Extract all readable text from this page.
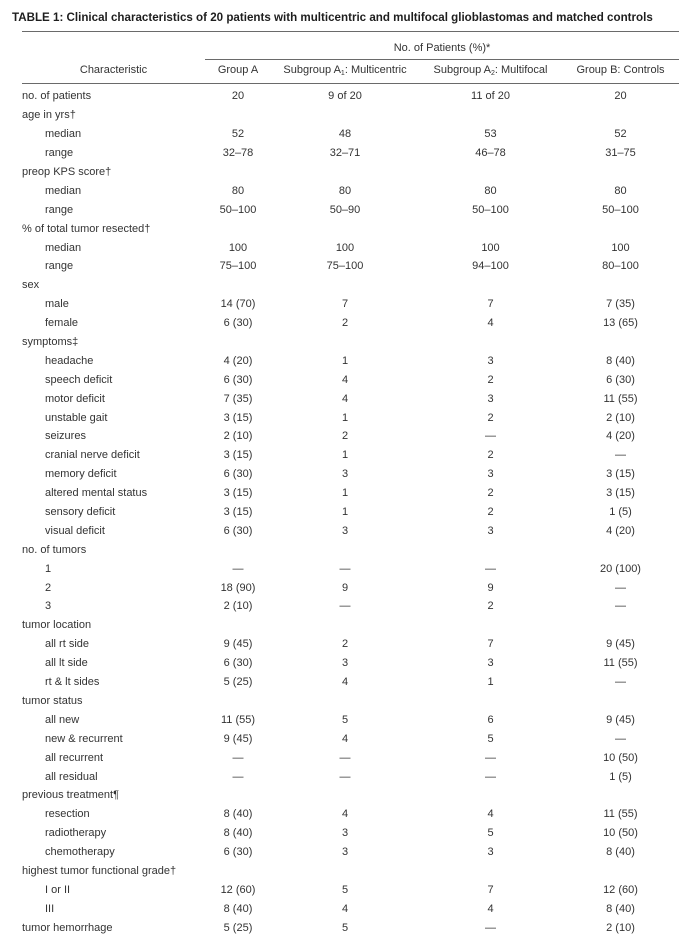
TABLE 1: Clinical characteristics of 20 patients with multicentric and multifocal glioblastomas and matched controls
No. of Patients (%)*
Characteristic	Group A	Subgroup $A_1$: Multicentric	Subgroup $A_2$: Multifocal	Group B: Controls
no. of patients	20	9 of 20	11 of 20	20
age in yrs†				
median	52	48	53	52
range	32–78	32–71	46–78	31–75
preop KPS score†				
median	80	80	80	80
range	50–100	50–90	50–100	50–100
% of total tumor resected†				
median	100	100	100	100
range	75–100	75–100	94–100	80–100
sex				
male	14 (70)	7	7	7 (35)
female	6 (30)	2	4	13 (65)
symptoms‡				
headache	4 (20)	1	3	8 (40)
speech deficit	6 (30)	4	2	6 (30)
motor deficit	7 (35)	4	3	11 (55)
unstable gait	3 (15)	1	2	2 (10)
seizures	2 (10)	2	—	4 (20)
cranial nerve deficit	3 (15)	1	2	—
memory deficit	6 (30)	3	3	3 (15)
altered mental status	3 (15)	1	2	3 (15)
sensory deficit	3 (15)	1	2	1 (5)
visual deficit	6 (30)	3	3	4 (20)
no. of tumors				
1	—	—	—	20 (100)
2	18 (90)	9	9	—
3	2 (10)	—	2	—
tumor location				
all rt side	9 (45)	2	7	9 (45)
all lt side	6 (30)	3	3	11 (55)
rt & lt sides	5 (25)	4	1	—
tumor status				
all new	11 (55)	5	6	9 (45)
new & recurrent	9 (45)	4	5	—
all recurrent	—	—	—	10 (50)
all residual	—	—	—	1 (5)
previous treatment¶				
resection	8 (40)	4	4	11 (55)
radiotherapy	8 (40)	3	5	10 (50)
chemotherapy	6 (30)	3	3	8 (40)
highest tumor functional grade†				
I or II	12 (60)	5	7	12 (60)
III	8 (40)	4	4	8 (40)
tumor hemorrhage	5 (25)	5	—	2 (10)
